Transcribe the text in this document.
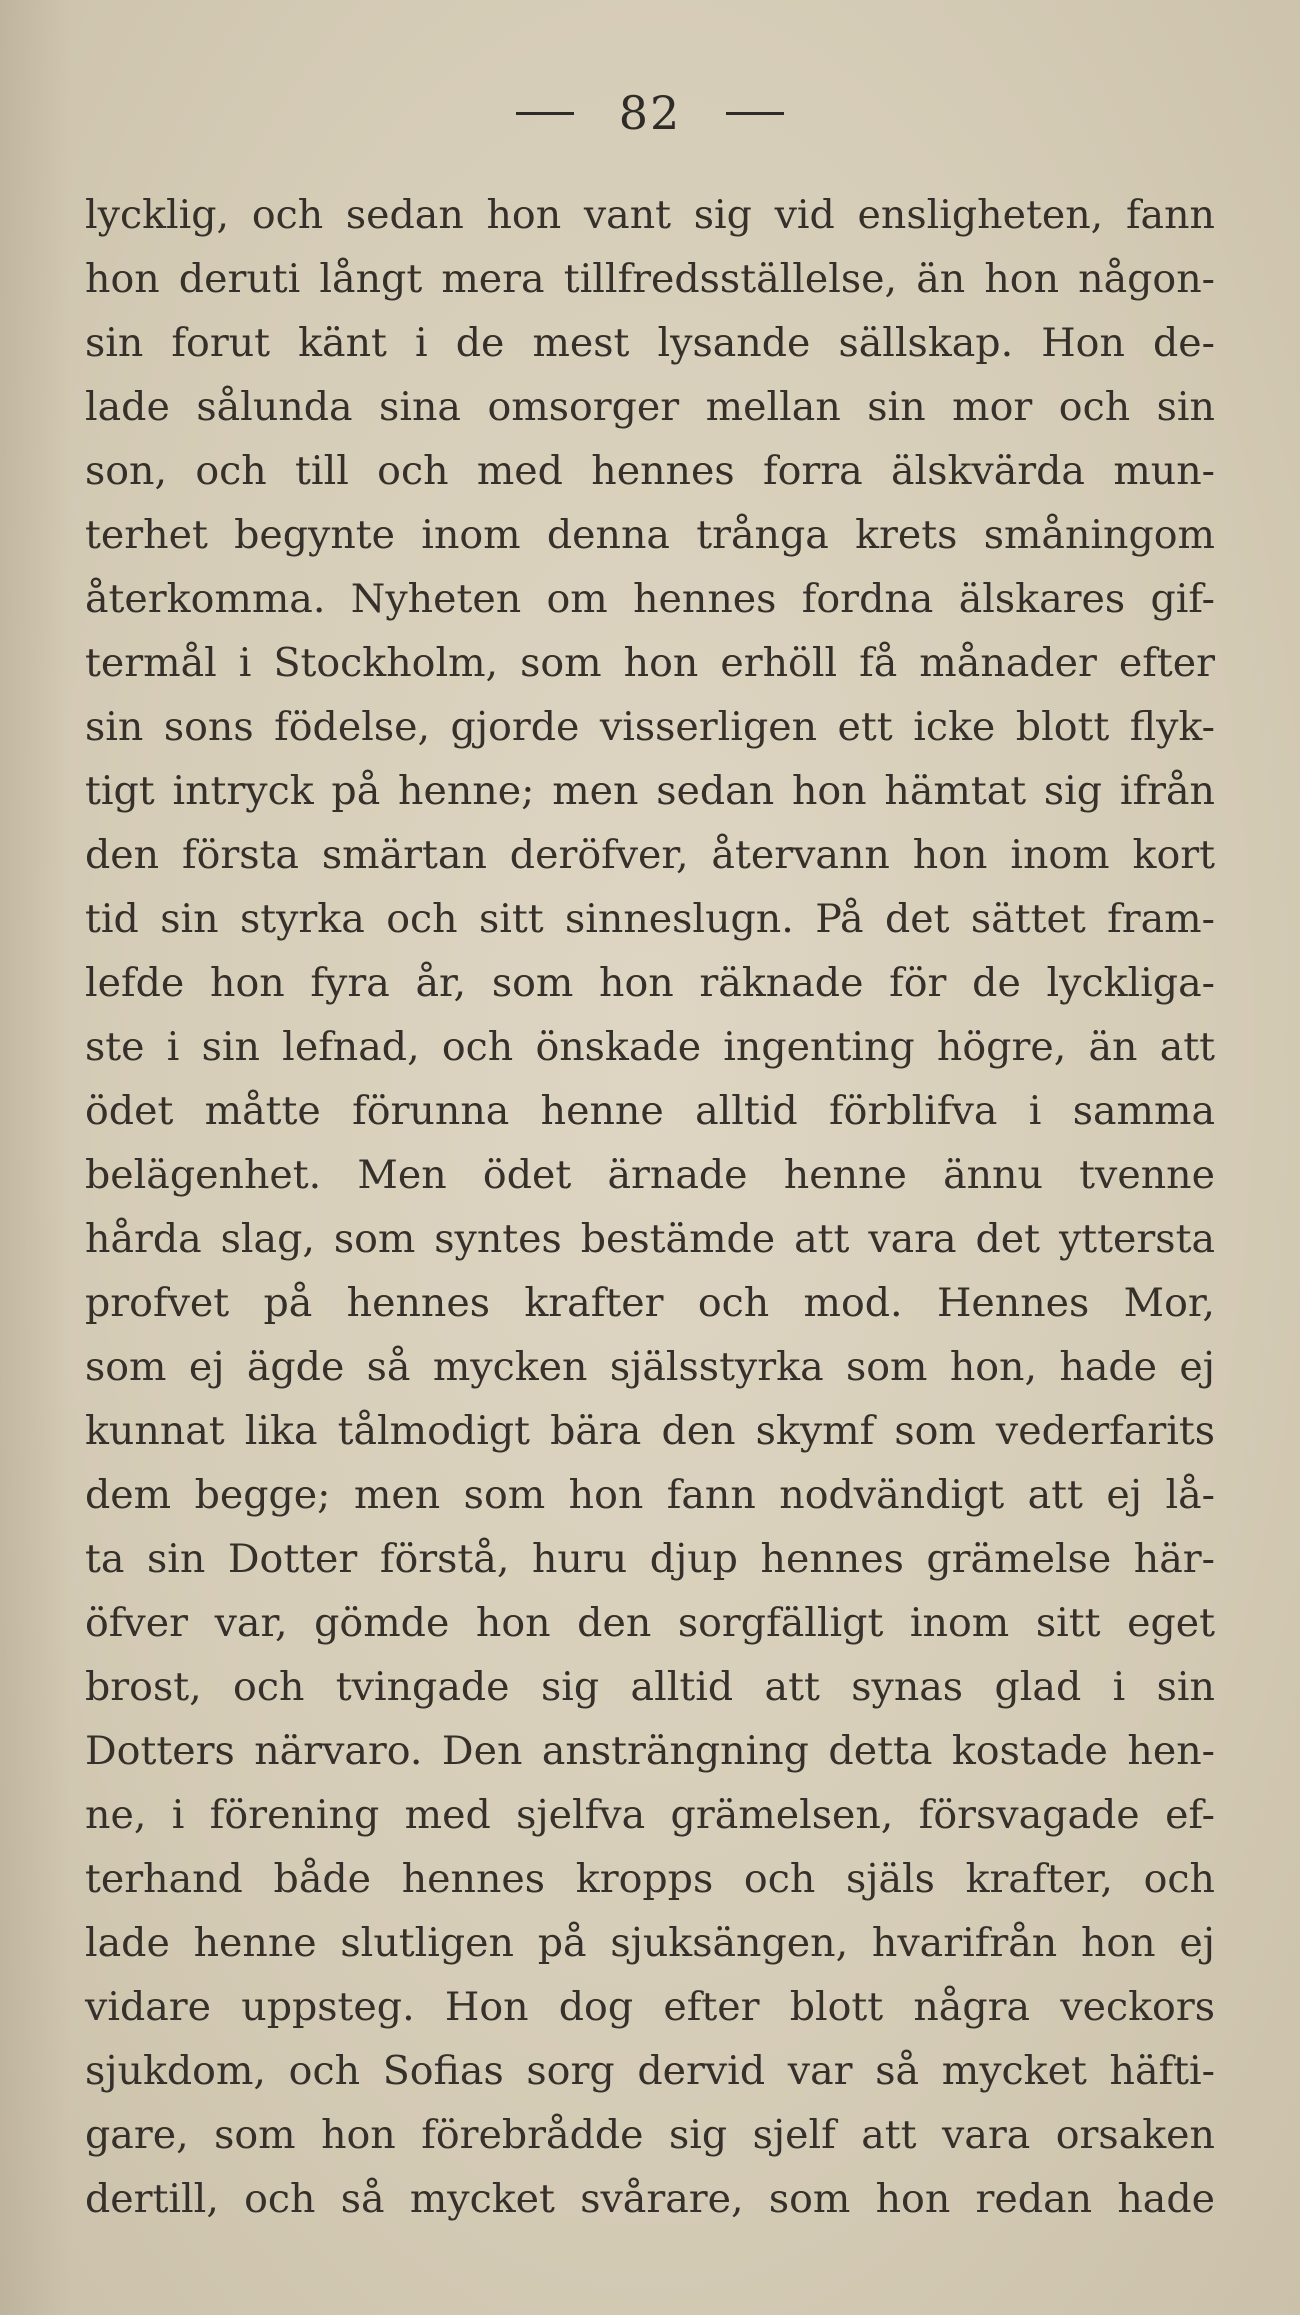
82
lycklig, och sedan hon vant sig vid ensligheten, fann
hon deruti långt mera tillfredsställelse, än hon någon-
sin forut känt i de mest lysande sällskap. Hon de-
lade sålunda sina omsorger mellan sin mor och sin
son, och till och med hennes forra älskvärda mun-
terhet begynte inom denna trånga krets småningom
återkomma. Nyheten om hennes fordna älskares gif-
termål i Stockholm, som hon erhöll få månader efter
sin sons födelse, gjorde visserligen ett icke blott flyk-
tigt intryck på henne; men sedan hon hämtat sig ifrån
den första smärtan deröfver, återvann hon inom kort
tid sin styrka och sitt sinneslugn. På det sättet fram-
lefde hon fyra år, som hon räknade för de lyckliga-
ste i sin lefnad, och önskade ingenting högre, än att
ödet måtte förunna henne alltid förblifva i samma
belägenhet. Men ödet ärnade henne ännu tvenne
hårda slag, som syntes bestämde att vara det yttersta
profvet på hennes krafter och mod. Hennes Mor,
som ej ägde så mycken själsstyrka som hon, hade ej
kunnat lika tålmodigt bära den skymf som vederfarits
dem begge; men som hon fann nodvändigt att ej lå-
ta sin Dotter förstå, huru djup hennes grämelse här-
öfver var, gömde hon den sorgfälligt inom sitt eget
brost, och tvingade sig alltid att synas glad i sin
Dotters närvaro. Den ansträngning detta kostade hen-
ne, i förening med sjelfva grämelsen, försvagade ef-
terhand både hennes kropps och själs krafter, och
lade henne slutligen på sjuksängen, hvarifrån hon ej
vidare uppsteg. Hon dog efter blott några veckors
sjukdom, och Sofias sorg dervid var så mycket häfti-
gare, som hon förebrådde sig sjelf att vara orsaken
dertill, och så mycket svårare, som hon redan hade
